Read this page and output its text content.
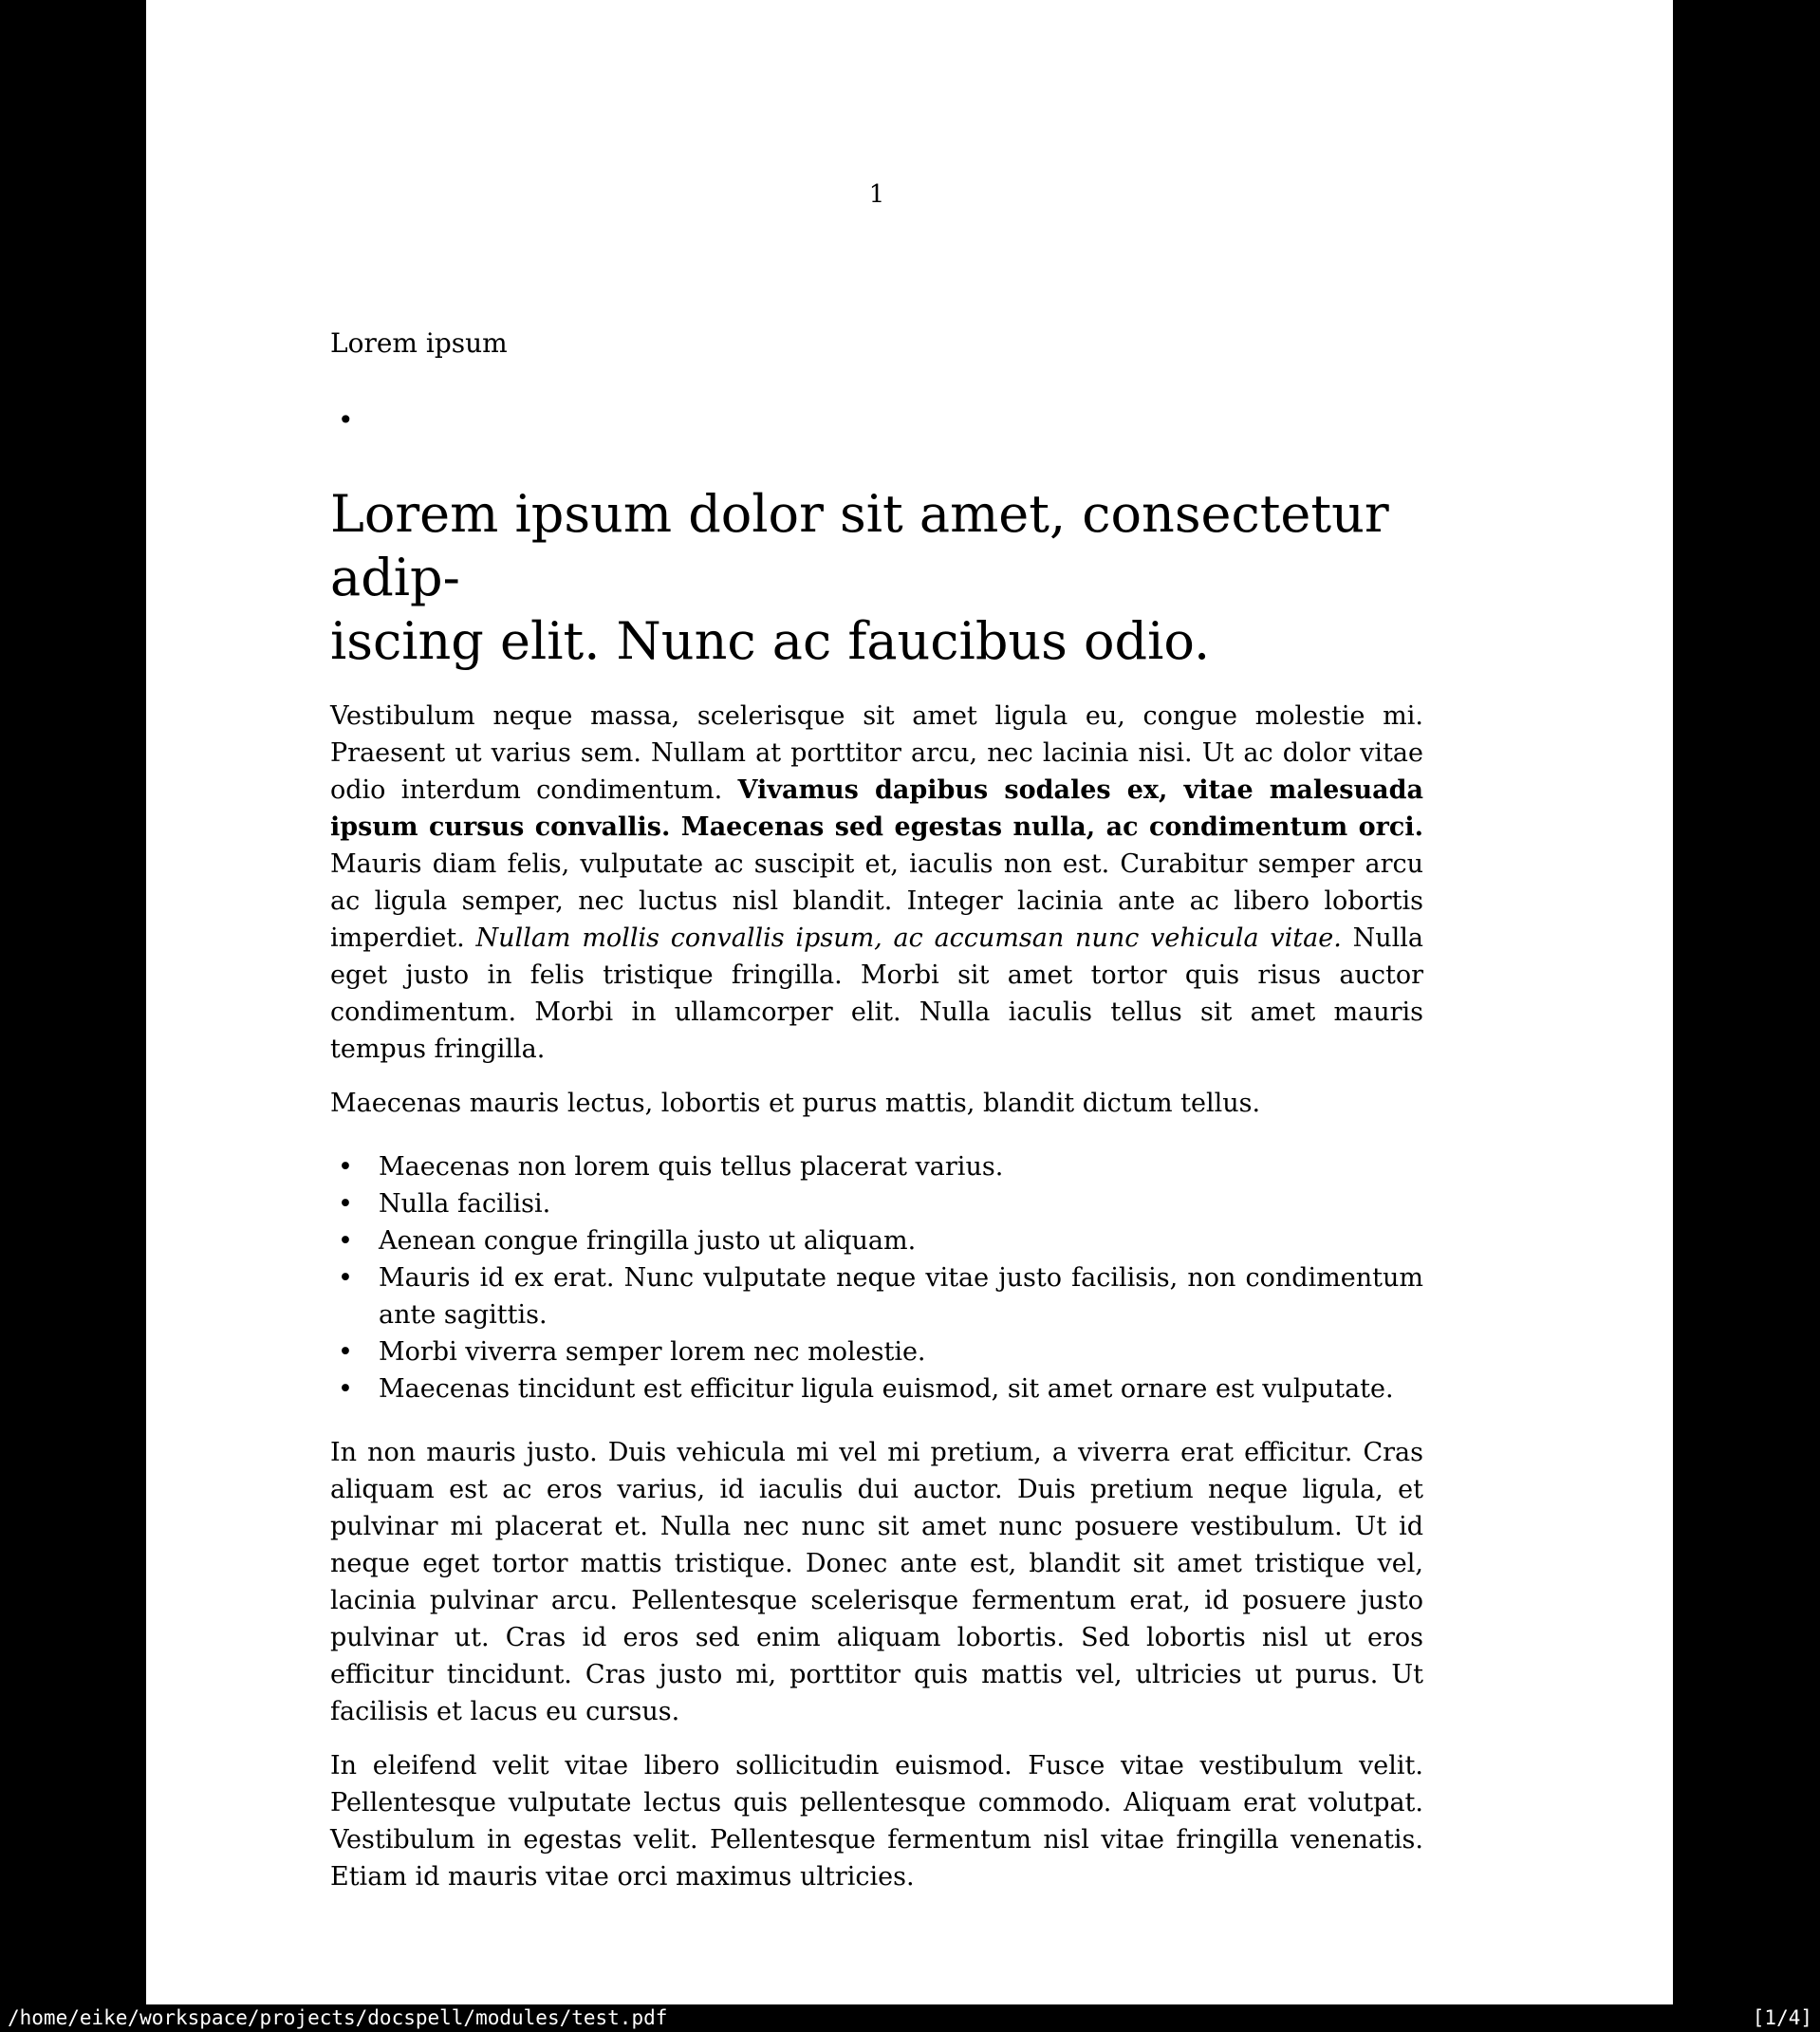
1
Lorem ipsum
•
Lorem ipsum dolor sit amet, consectetur adip-
iscing elit. Nunc ac faucibus odio.

Vestibulum neque massa, scelerisque sit amet ligula eu, congue molestie mi. Praesent ut varius sem. Nullam at porttitor arcu, nec lacinia nisi. Ut ac dolor vitae odio interdum condimentum. Vivamus dapibus sodales ex, vitae malesuada ipsum cursus convallis. Maecenas sed egestas nulla, ac condimentum orci. Mauris diam felis, vulputate ac suscipit et, iaculis non est. Curabitur semper arcu ac ligula semper, nec luctus nisl blandit. Integer lacinia ante ac libero lobortis imperdiet. Nullam mollis convallis ipsum, ac accumsan nunc vehicula vitae. Nulla eget justo in felis tristique fringilla. Morbi sit amet tortor quis risus auctor condimentum. Morbi in ullamcorper elit. Nulla iaculis tellus sit amet mauris tempus fringilla.

Maecenas mauris lectus, lobortis et purus mattis, blandit dictum tellus.

• Maecenas non lorem quis tellus placerat varius.
• Nulla facilisi.
• Aenean congue fringilla justo ut aliquam.
• Mauris id ex erat. Nunc vulputate neque vitae justo facilisis, non condimentum ante sagittis.
• Morbi viverra semper lorem nec molestie.
• Maecenas tincidunt est efficitur ligula euismod, sit amet ornare est vulputate.

In non mauris justo. Duis vehicula mi vel mi pretium, a viverra erat efficitur. Cras aliquam est ac eros varius, id iaculis dui auctor. Duis pretium neque ligula, et pulvinar mi placerat et. Nulla nec nunc sit amet nunc posuere vestibulum. Ut id neque eget tortor mattis tristique. Donec ante est, blandit sit amet tristique vel, lacinia pulvinar arcu. Pellentesque scelerisque fermentum erat, id posuere justo pulvinar ut. Cras id eros sed enim aliquam lobortis. Sed lobortis nisl ut eros efficitur tincidunt. Cras justo mi, porttitor quis mattis vel, ultricies ut purus. Ut facilisis et lacus eu cursus.

In eleifend velit vitae libero sollicitudin euismod. Fusce vitae vestibulum velit. Pellentesque vulputate lectus quis pellentesque commodo. Aliquam erat volutpat. Vestibulum in egestas velit. Pellentesque fermentum nisl vitae fringilla venenatis. Etiam id mauris vitae orci maximus ultricies.

/home/eike/workspace/projects/docspell/modules/test.pdf	[1/4]
